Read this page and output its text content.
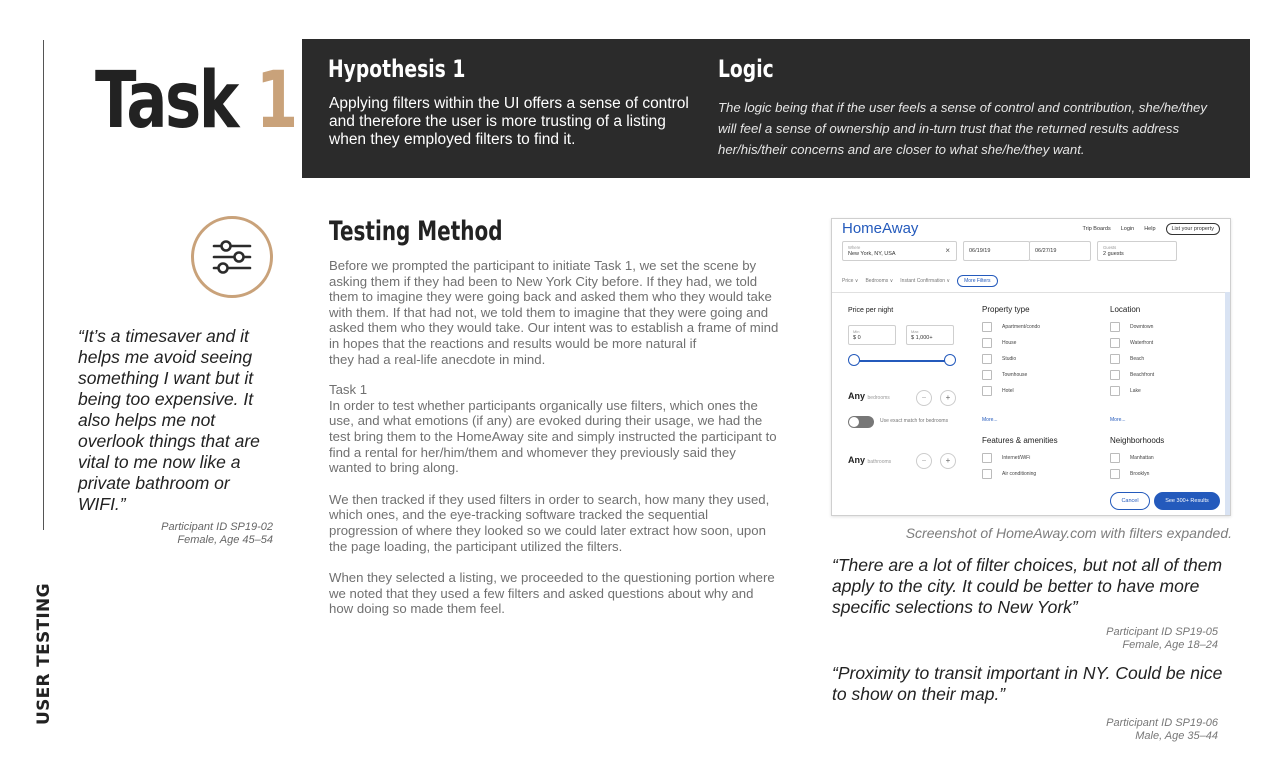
USER TESTING
Task 1 Hypothesis 1
Applying filters within the UI offers a sense of control and therefore the user is more trusting of a listing when they employed filters to find it.
Logic
The logic being that if the user feels a sense of control and contribution, she/he/they will feel a sense of ownership and in-turn trust that the returned results address her/his/their concerns and are closer to what she/he/they want.
“It’s a timesaver and it helps me avoid seeing something I want but it being too expensive. It also helps me not overlook things that are vital to me now like a private bathroom or WIFI.”
Participant ID SP19-02
Female, Age 45–54
Testing Method

Before we prompted the participant to initiate Task 1, we set the scene by asking them if they had been to New York City before. If they had, we told them to imagine they were going back and asked them who they would take with them. If that had not, we told them to imagine that they were going and asked them who they would take. Our intent was to establish a frame of mind in hopes that the reactions and results would be more natural if

they had a real-life anecdote in mind.

Task 1

In order to test whether participants organically use filters, which ones the use, and what emotions (if any) are evoked during their usage, we had the test bring them to the HomeAway site and simply instructed the participant to find a rental for her/him/them and whomever they previously said they wanted to bring along.

We then tracked if they used filters in order to search, how many they used, which ones, and the eye-tracking software tracked the sequential progression of where they looked so we could later extract how soon, upon the page loading, the participant utilized the filters.

When they selected a listing, we proceeded to the questioning portion where we noted that they used a few filters and asked questions about why and how doing so made them feel.

HomeAway	Trip Boards Login Help	List your property
Where
New York, NY, USA	×	06/19/19	06/27/19
Guests
2 guests
Price ∨ Bedrooms ∨ Instant Confirmation ∨	More Filters
Price per night
Min
$ 0
Max
$ 1,000+
Any bedrooms	−	+
Use exact match for bedrooms
Any bathrooms	−	+
Property type
Apartment/condo
House
Studio
Townhouse
Hotel
More...
Location
Downtown
Waterfront
Beach
Beachfront
Lake
More...
Features & amenities
Internet/WiFi
Air conditioning
Neighborhoods
Manhattan
Brooklyn
Cancel	See 300+ Results
Screenshot of HomeAway.com with filters expanded.
“There are a lot of filter choices, but not all of them apply to the city. It could be better to have more specific selections to New York”
Participant ID SP19-05
Female, Age 18–24
“Proximity to transit important in NY. Could be nice to show on their map.”
Participant ID SP19-06
Male, Age 35–44
